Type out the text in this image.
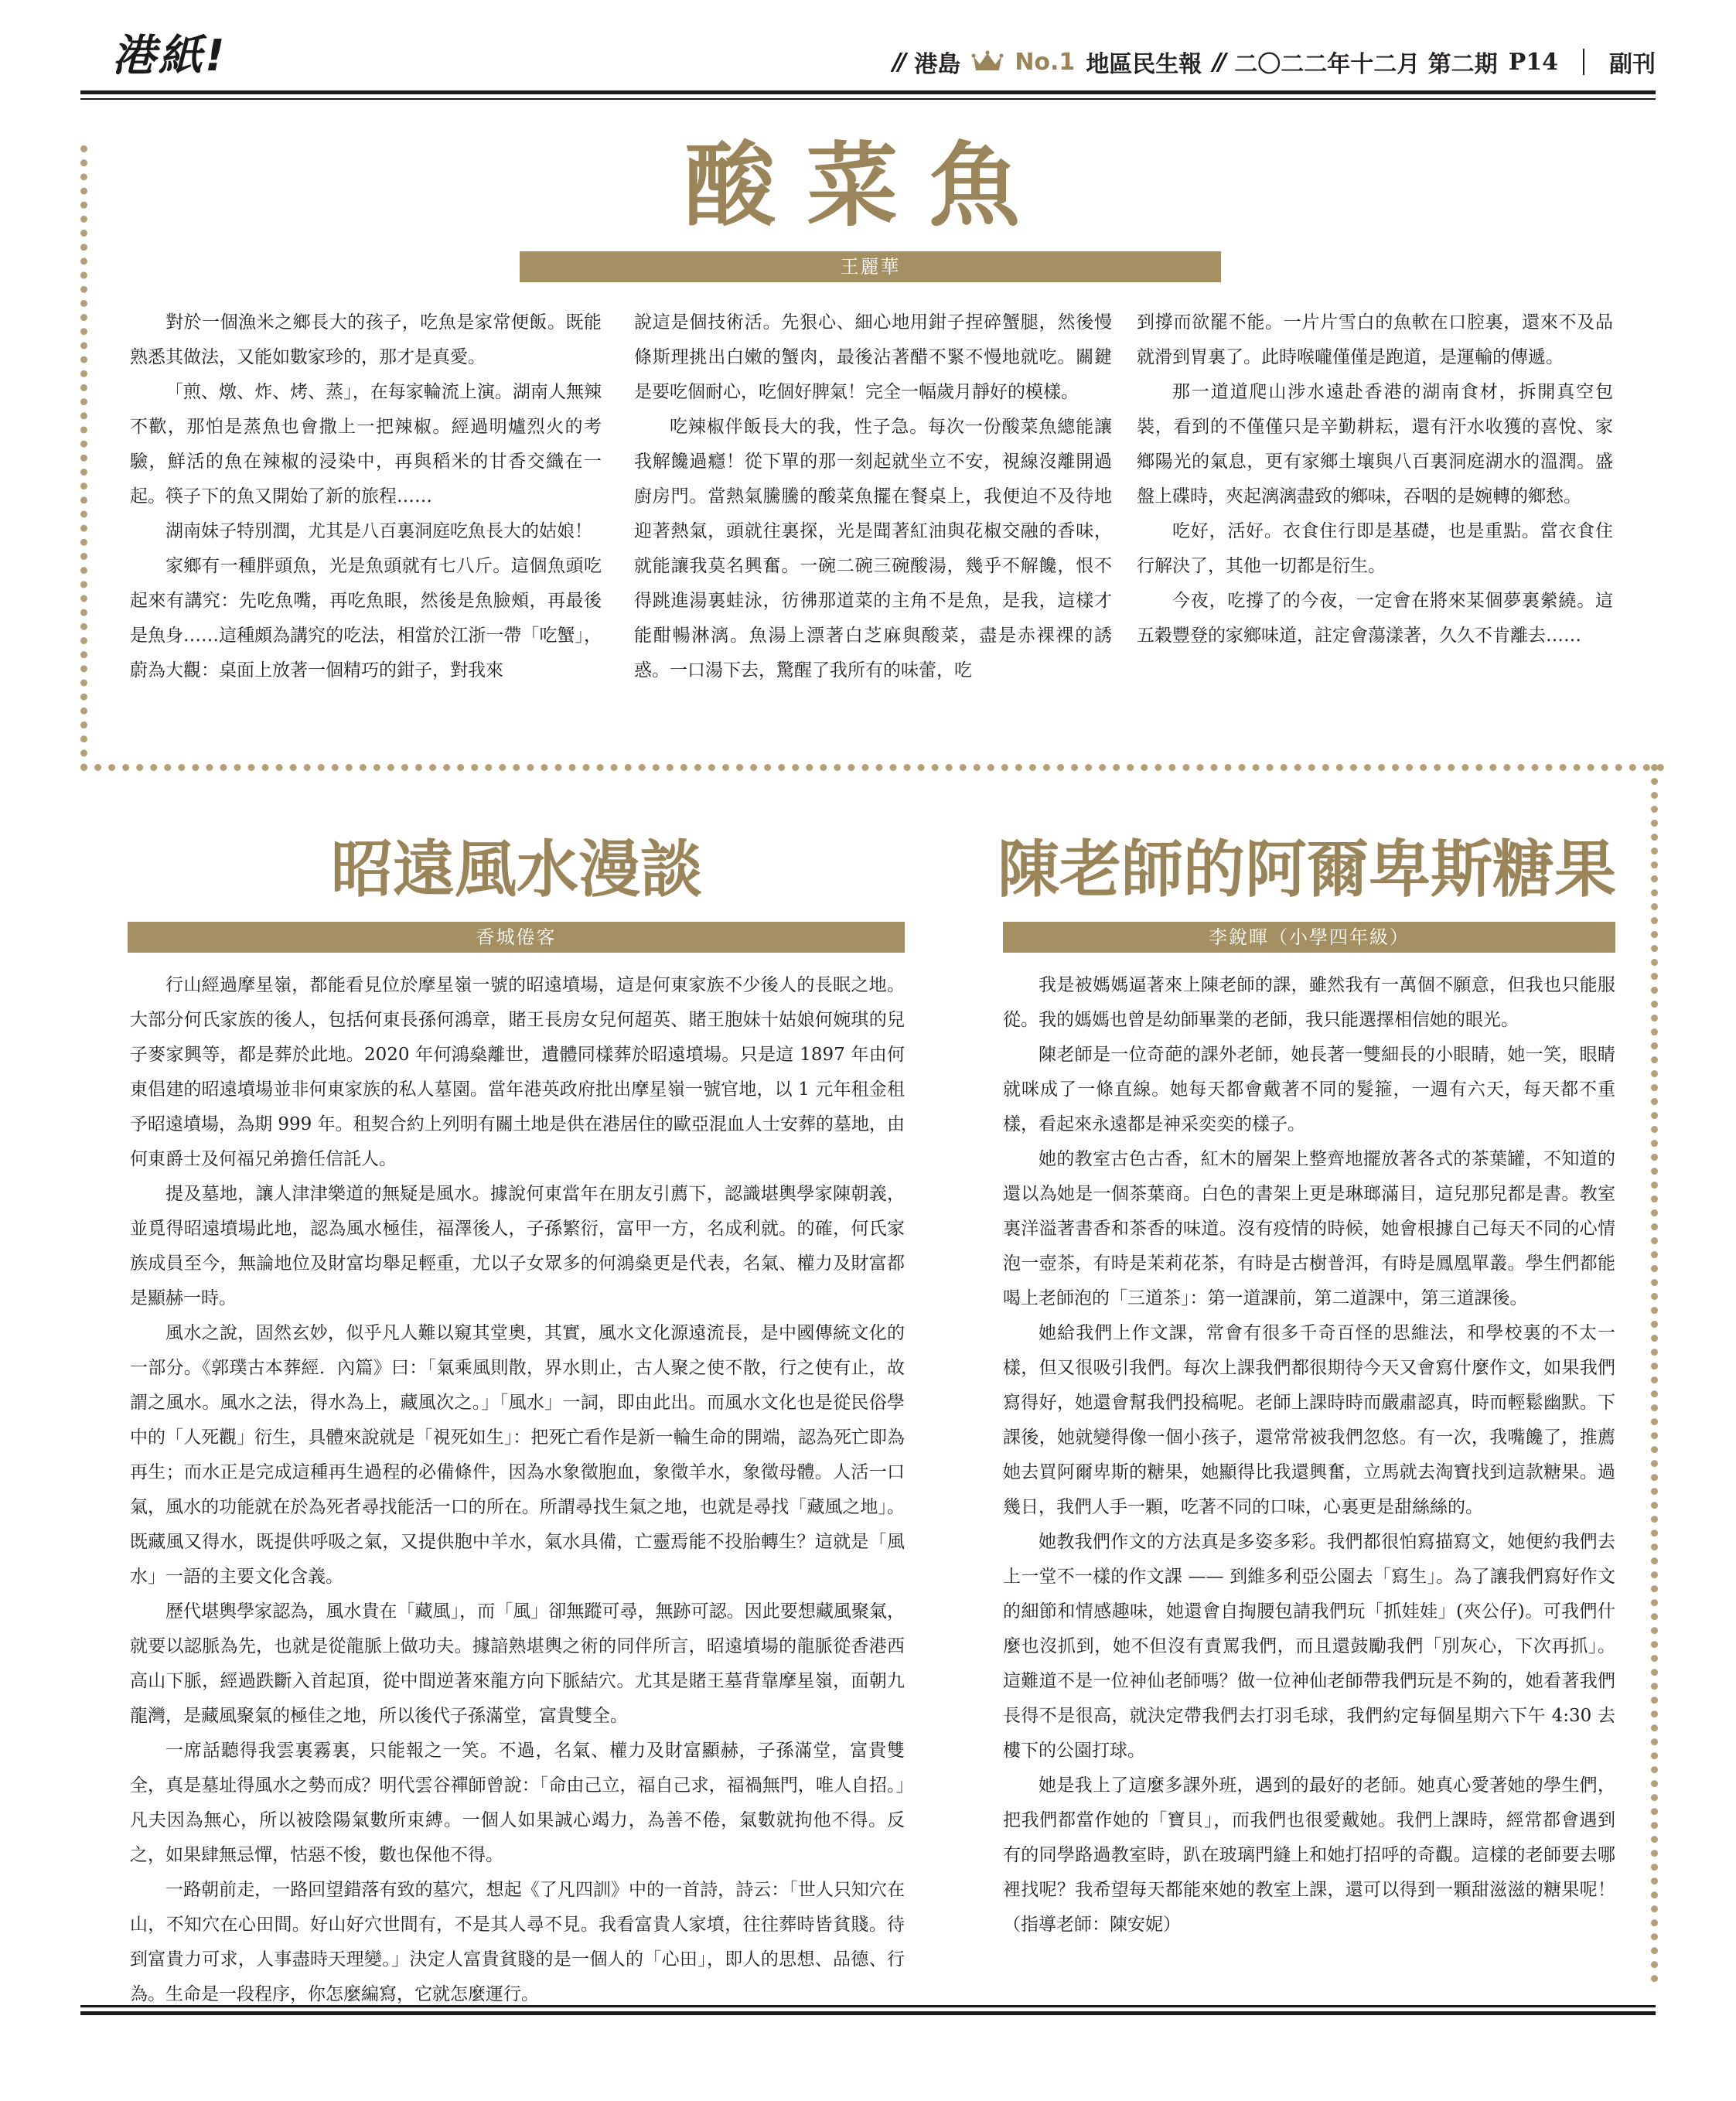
港紙!	// 港島 No.1 地區民生報 // 二〇二二年十二月 第二期 P14 副刊
酸菜魚
王麗華

對於一個漁米之鄉長大的孩子，吃魚是家常便飯。既能熟悉其做法，又能如數家珍的，那才是真愛。

「煎、燉、炸、烤、蒸」，在每家輪流上演。湖南人無辣不歡，那怕是蒸魚也會撒上一把辣椒。經過明爐烈火的考驗，鮮活的魚在辣椒的浸染中，再與稻米的甘香交織在一起。筷子下的魚又開始了新的旅程……

湖南妹子特別潤，尤其是八百裏洞庭吃魚長大的姑娘！

家鄉有一種胖頭魚，光是魚頭就有七八斤。這個魚頭吃起來有講究：先吃魚嘴，再吃魚眼，然後是魚臉頰，再最後是魚身……這種頗為講究的吃法，相當於江浙一帶「吃蟹」，蔚為大觀：桌面上放著一個精巧的鉗子，對我來

說這是個技術活。先狠心、細心地用鉗子捏碎蟹腿，然後慢條斯理挑出白嫩的蟹肉，最後沾著醋不緊不慢地就吃。關鍵是要吃個耐心，吃個好脾氣！完全一幅歲月靜好的模樣。

吃辣椒伴飯長大的我，性子急。每次一份酸菜魚總能讓我解饞過癮！從下單的那一刻起就坐立不安，視線沒離開過廚房門。當熱氣騰騰的酸菜魚擺在餐桌上，我便迫不及待地迎著熱氣，頭就往裏探，光是聞著紅油與花椒交融的香味，就能讓我莫名興奮。一碗二碗三碗酸湯，幾乎不解饞，恨不得跳進湯裏蛙泳，彷彿那道菜的主角不是魚，是我，這樣才能酣暢淋漓。魚湯上漂著白芝麻與酸菜，盡是赤裸裸的誘惑。一口湯下去，驚醒了我所有的味蕾，吃

到撐而欲罷不能。一片片雪白的魚軟在口腔裏，還來不及品就滑到胃裏了。此時喉嚨僅僅是跑道，是運輸的傳遞。

那一道道爬山涉水遠赴香港的湖南食材，拆開真空包裝，看到的不僅僅只是辛勤耕耘，還有汗水收獲的喜悅、家鄉陽光的氣息，更有家鄉土壤與八百裏洞庭湖水的溫潤。盛盤上碟時，夾起漓漓盡致的鄉味，吞咽的是婉轉的鄉愁。

吃好，活好。衣食住行即是基礎，也是重點。當衣食住行解決了，其他一切都是衍生。

今夜，吃撐了的今夜，一定會在將來某個夢裏縈繞。這五穀豐登的家鄉味道，註定會蕩漾著，久久不肯離去……

昭遠風水漫談
香城倦客

行山經過摩星嶺，都能看見位於摩星嶺一號的昭遠墳場，這是何東家族不少後人的長眠之地。大部分何氏家族的後人，包括何東長孫何鴻章，賭王長房女兒何超英、賭王胞妹十姑娘何婉琪的兒子麥家興等，都是葬於此地。2020 年何鴻燊離世，遺體同樣葬於昭遠墳場。只是這 1897 年由何東倡建的昭遠墳場並非何東家族的私人墓園。當年港英政府批出摩星嶺一號官地，以 1 元年租金租予昭遠墳場，為期 999 年。租契合約上列明有關土地是供在港居住的歐亞混血人士安葬的墓地，由何東爵士及何福兄弟擔任信託人。

提及墓地，讓人津津樂道的無疑是風水。據說何東當年在朋友引薦下，認識堪輿學家陳朝義，並覓得昭遠墳場此地，認為風水極佳，福澤後人，子孫繁衍，富甲一方，名成利就。的確，何氏家族成員至今，無論地位及財富均舉足輕重，尤以子女眾多的何鴻燊更是代表，名氣、權力及財富都是顯赫一時。

風水之說，固然玄妙，似乎凡人難以窺其堂奧，其實，風水文化源遠流長，是中國傳統文化的一部分。《郭璞古本葬經．內篇》曰：「氣乘風則散，界水則止，古人聚之使不散，行之使有止，故謂之風水。風水之法，得水為上，藏風次之。」「風水」一詞，即由此出。而風水文化也是從民俗學中的「人死觀」衍生，具體來說就是「視死如生」：把死亡看作是新一輪生命的開端，認為死亡即為再生；而水正是完成這種再生過程的必備條件，因為水象徵胞血，象徵羊水，象徵母體。人活一口氣，風水的功能就在於為死者尋找能活一口的所在。所謂尋找生氣之地，也就是尋找「藏風之地」。既藏風又得水，既提供呼吸之氣，又提供胞中羊水，氣水具備，亡靈焉能不投胎轉生？這就是「風水」一語的主要文化含義。

歷代堪輿學家認為，風水貴在「藏風」，而「風」卻無蹤可尋，無跡可認。因此要想藏風聚氣，就要以認脈為先，也就是從龍脈上做功夫。據諳熟堪輿之術的同伴所言，昭遠墳場的龍脈從香港西高山下脈，經過跌斷入首起頂，從中間逆著來龍方向下脈結穴。尤其是賭王墓背靠摩星嶺，面朝九龍灣，是藏風聚氣的極佳之地，所以後代子孫滿堂，富貴雙全。

一席話聽得我雲裏霧裏，只能報之一笑。不過，名氣、權力及財富顯赫，子孫滿堂，富貴雙全，真是墓址得風水之勢而成？明代雲谷禪師曾說：「命由己立，福自己求，福禍無門，唯人自招。」凡夫因為無心，所以被陰陽氣數所束縛。一個人如果誠心竭力，為善不倦，氣數就拘他不得。反之，如果肆無忌憚，怙惡不悛，數也保他不得。

一路朝前走，一路回望錯落有致的墓穴，想起《了凡四訓》中的一首詩，詩云：「世人只知穴在山，不知穴在心田間。好山好穴世間有，不是其人尋不見。我看富貴人家墳，往往葬時皆貧賤。待到富貴力可求，人事盡時天理變。」決定人富貴貧賤的是一個人的「心田」，即人的思想、品德、行為。生命是一段程序，你怎麼編寫，它就怎麼運行。

陳老師的阿爾卑斯糖果
李銳暉（小學四年級）

我是被媽媽逼著來上陳老師的課，雖然我有一萬個不願意，但我也只能服從。我的媽媽也曾是幼師畢業的老師，我只能選擇相信她的眼光。

陳老師是一位奇葩的課外老師，她長著一雙細長的小眼睛，她一笑，眼睛就咪成了一條直線。她每天都會戴著不同的髮箍，一週有六天，每天都不重樣，看起來永遠都是神采奕奕的樣子。

她的教室古色古香，紅木的層架上整齊地擺放著各式的茶葉罐，不知道的還以為她是一個茶葉商。白色的書架上更是琳瑯滿目，這兒那兒都是書。教室裏洋溢著書香和茶香的味道。沒有疫情的時候，她會根據自己每天不同的心情泡一壺茶，有時是茉莉花茶，有時是古樹普洱，有時是鳳凰單叢。學生們都能喝上老師泡的「三道茶」：第一道課前，第二道課中，第三道課後。

她給我們上作文課，常會有很多千奇百怪的思維法，和學校裏的不太一樣，但又很吸引我們。每次上課我們都很期待今天又會寫什麼作文，如果我們寫得好，她還會幫我們投稿呢。老師上課時時而嚴肅認真，時而輕鬆幽默。下課後，她就變得像一個小孩子，還常常被我們忽悠。有一次，我嘴饞了，推薦她去買阿爾卑斯的糖果，她顯得比我還興奮，立馬就去淘寶找到這款糖果。過幾日，我們人手一顆，吃著不同的口味，心裏更是甜絲絲的。

她教我們作文的方法真是多姿多彩。我們都很怕寫描寫文，她便約我們去上一堂不一樣的作文課 —— 到維多利亞公園去「寫生」。為了讓我們寫好作文的細節和情感趣味，她還會自掏腰包請我們玩「抓娃娃」(夾公仔)。可我們什麼也沒抓到，她不但沒有責罵我們，而且還鼓勵我們「別灰心，下次再抓」。這難道不是一位神仙老師嗎？做一位神仙老師帶我們玩是不夠的，她看著我們長得不是很高，就決定帶我們去打羽毛球，我們約定每個星期六下午 4:30 去樓下的公園打球。

她是我上了這麼多課外班，遇到的最好的老師。她真心愛著她的學生們，把我們都當作她的「寶貝」，而我們也很愛戴她。我們上課時，經常都會遇到有的同學路過教室時，趴在玻璃門縫上和她打招呼的奇觀。這樣的老師要去哪裡找呢？我希望每天都能來她的教室上課，還可以得到一顆甜滋滋的糖果呢！（指導老師：陳安妮）
